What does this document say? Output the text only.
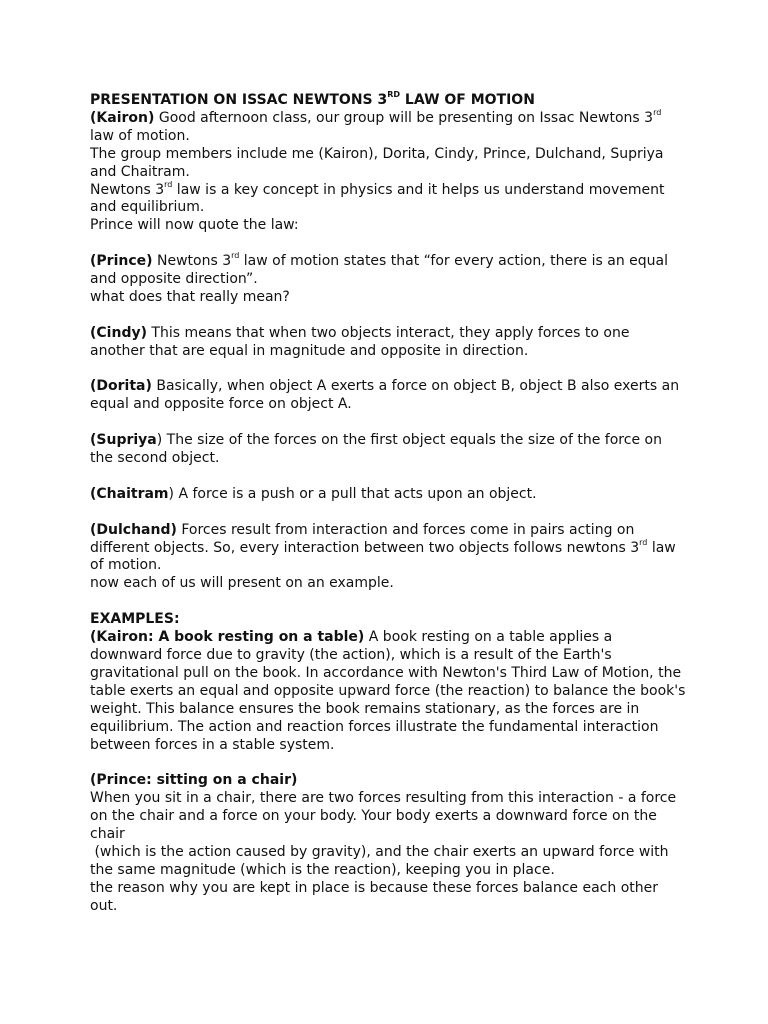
PRESENTATION ON ISSAC NEWTONS 3RD LAW OF MOTION
(Kairon) Good afternoon class, our group will be presenting on Issac Newtons 3rd
law of motion.
The group members include me (Kairon), Dorita, Cindy, Prince, Dulchand, Supriya
and Chaitram.
Newtons 3rd law is a key concept in physics and it helps us understand movement
and equilibrium.
Prince will now quote the law:
(Prince) Newtons 3rd law of motion states that “for every action, there is an equal
and opposite direction”.
what does that really mean?
(Cindy) This means that when two objects interact, they apply forces to one
another that are equal in magnitude and opposite in direction.
(Dorita) Basically, when object A exerts a force on object B, object B also exerts an
equal and opposite force on object A.
(Supriya) The size of the forces on the first object equals the size of the force on
the second object.
(Chaitram) A force is a push or a pull that acts upon an object.
(Dulchand) Forces result from interaction and forces come in pairs acting on
different objects. So, every interaction between two objects follows newtons 3rd law
of motion.
now each of us will present on an example.
EXAMPLES:
(Kairon: A book resting on a table) A book resting on a table applies a
downward force due to gravity (the action), which is a result of the Earth's
gravitational pull on the book. In accordance with Newton's Third Law of Motion, the
table exerts an equal and opposite upward force (the reaction) to balance the book's
weight. This balance ensures the book remains stationary, as the forces are in
equilibrium. The action and reaction forces illustrate the fundamental interaction
between forces in a stable system.
(Prince: sitting on a chair)
When you sit in a chair, there are two forces resulting from this interaction - a force
on the chair and a force on your body. Your body exerts a downward force on the
chair
(which is the action caused by gravity), and the chair exerts an upward force with
the same magnitude (which is the reaction), keeping you in place.
the reason why you are kept in place is because these forces balance each other
out.
